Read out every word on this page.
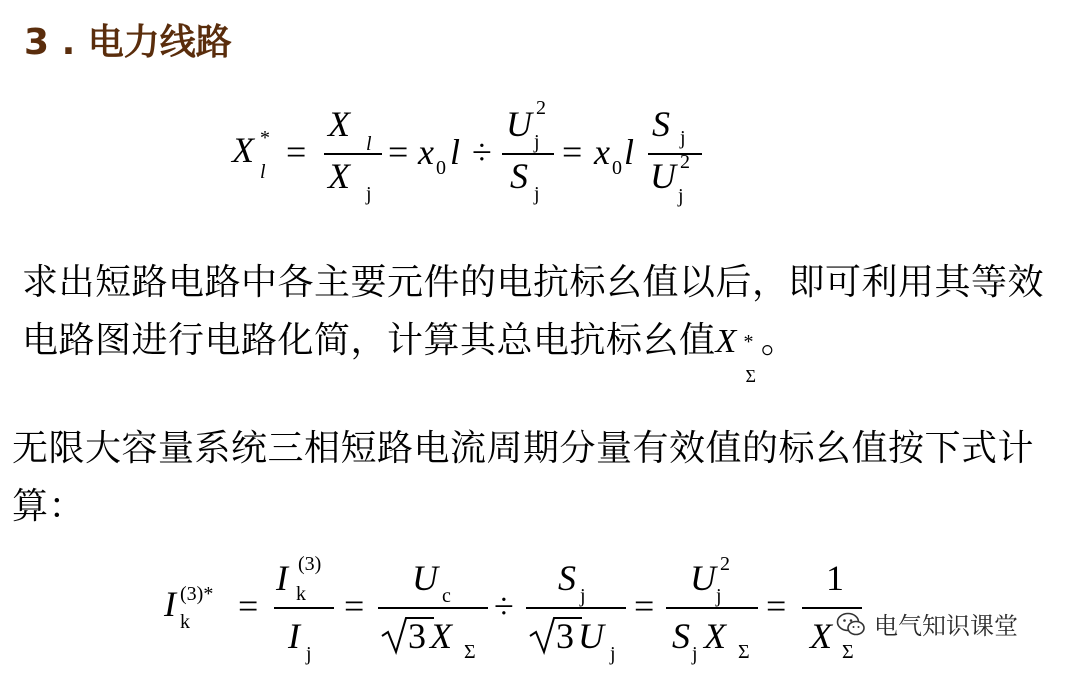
3 . 电力线路
X *
l =
X l
X j
= x 0 l ÷
U 2
j
S j
= x 0 l
S j
U 2
j
求出短路电路中各主要元件的电抗标幺值以后，即可利用其等效电路图进行电路化简，计算其总电抗标幺值X *
Σ
。
无限大容量系统三相短路电流周期分量有效值的标幺值按下式计算：
I (3)*
k =
I (3)
k
I j
=
U c
3 X Σ
÷
S j
3 U j
=
U 2
j
S j X Σ
=
1
X Σ
电气知识课堂
